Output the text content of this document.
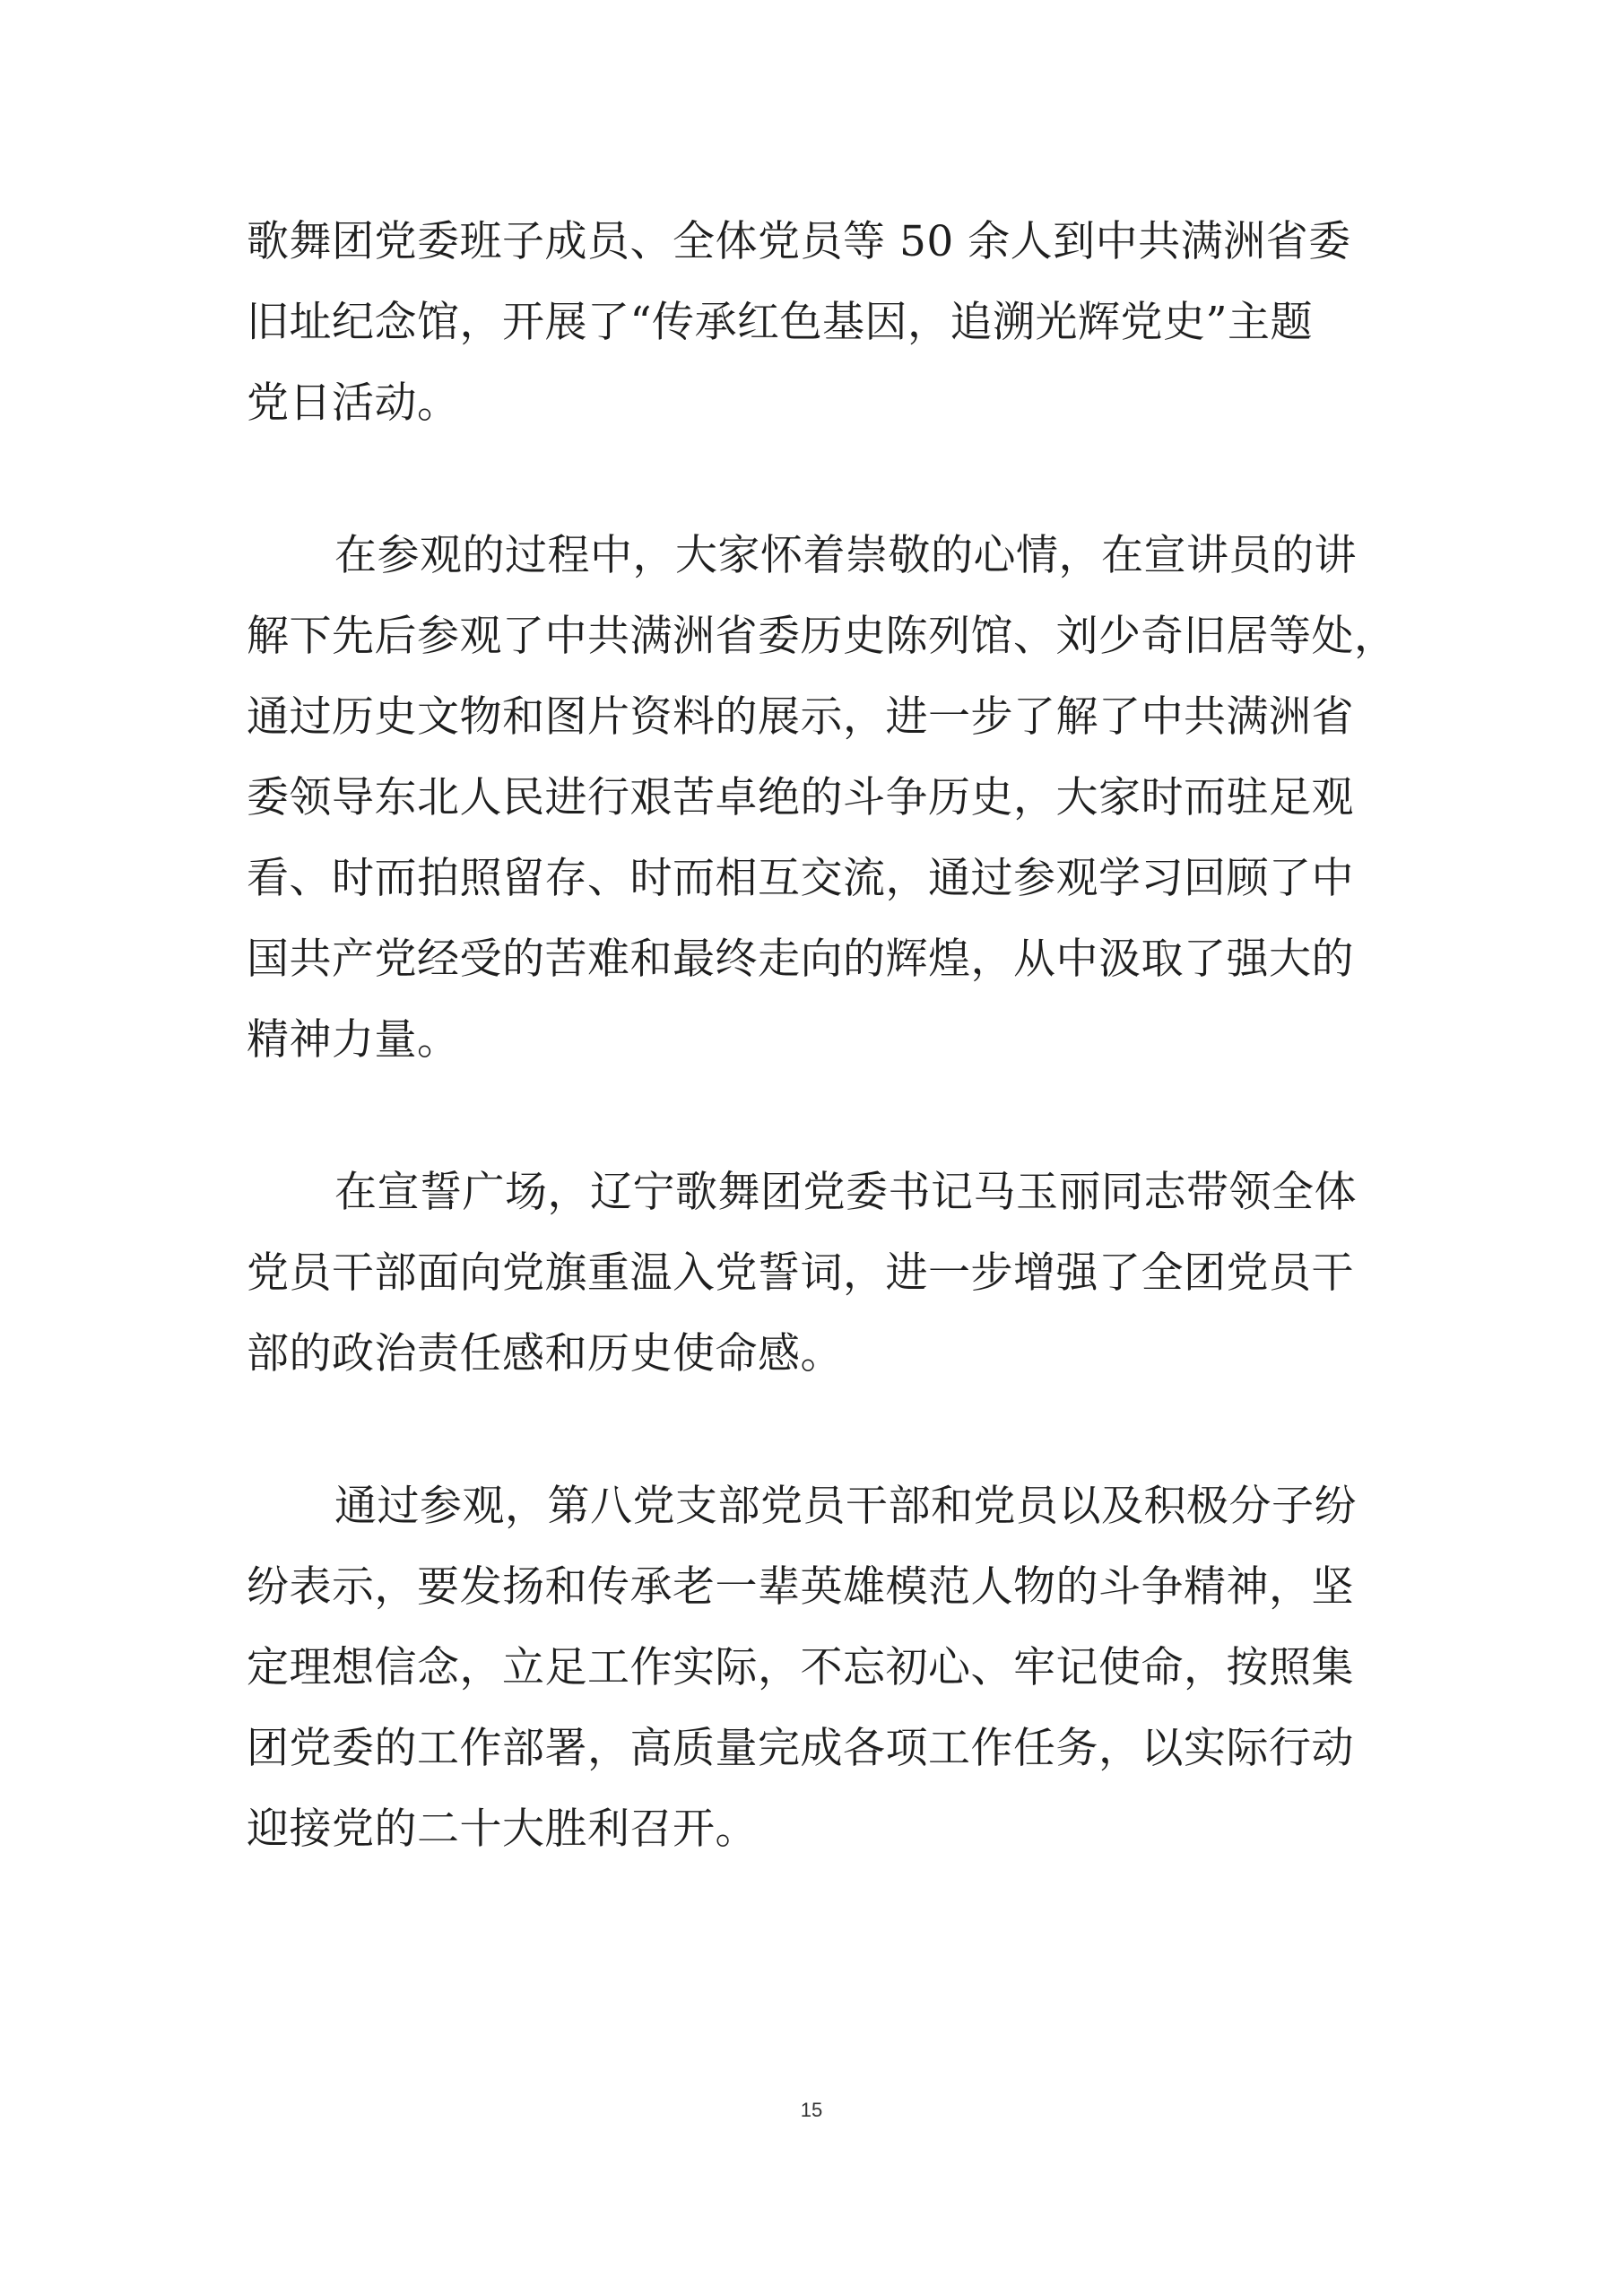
歌舞团党委班子成员、全体党员等 50 余人到中共满洲省委
旧址纪念馆，开展了“传承红色基因，追溯光辉党史”主题
党日活动。
在参观的过程中，大家怀着崇敬的心情，在宣讲员的讲
解下先后参观了中共满洲省委历史陈列馆、刘少奇旧居等处，
通过历史文物和图片资料的展示，进一步了解了中共满洲省
委领导东北人民进行艰苦卓绝的斗争历史，大家时而驻足观
看、时而拍照留存、时而相互交流，通过参观学习回顾了中
国共产党经受的苦难和最终走向的辉煌，从中汲取了强大的
精神力量。
在宣誓广场，辽宁歌舞团党委书记马玉丽同志带领全体
党员干部面向党旗重温入党誓词，进一步增强了全团党员干
部的政治责任感和历史使命感。
通过参观，第八党支部党员干部和党员以及积极分子纷
纷表示，要发扬和传承老一辈英雄模范人物的斗争精神，坚
定理想信念，立足工作实际，不忘初心、牢记使命，按照集
团党委的工作部署，高质量完成各项工作任务，以实际行动
迎接党的二十大胜利召开。
15
